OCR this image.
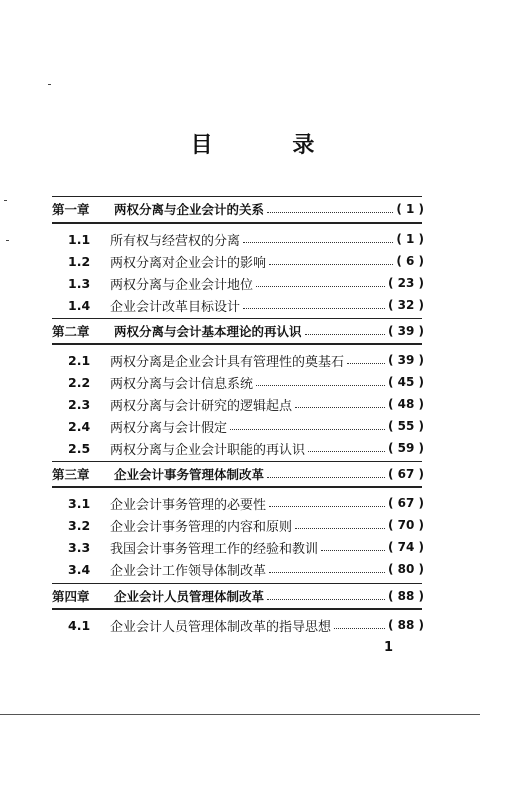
目 录
第一章	两权分离与企业会计的关系	( 1 )
1.1	所有权与经营权的分离	( 1 )
1.2	两权分离对企业会计的影响	( 6 )
1.3	两权分离与企业会计地位	( 23 )
1.4	企业会计改革目标设计	( 32 )
第二章	两权分离与会计基本理论的再认识	( 39 )
2.1	两权分离是企业会计具有管理性的奠基石	( 39 )
2.2	两权分离与会计信息系统	( 45 )
2.3	两权分离与会计研究的逻辑起点	( 48 )
2.4	两权分离与会计假定	( 55 )
2.5	两权分离与企业会计职能的再认识	( 59 )
第三章	企业会计事务管理体制改革	( 67 )
3.1	企业会计事务管理的必要性	( 67 )
3.2	企业会计事务管理的内容和原则	( 70 )
3.3	我国会计事务管理工作的经验和教训	( 74 )
3.4	企业会计工作领导体制改革	( 80 )
第四章	企业会计人员管理体制改革	( 88 )
4.1	企业会计人员管理体制改革的指导思想	( 88 )
1
